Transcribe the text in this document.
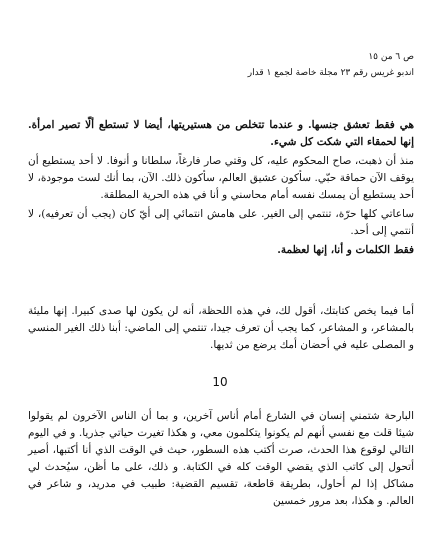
ص ٦ من ١٥
اندبو غريس رقم ٢٣ مجلة خاصة لجمع ١ قدار

هي فقط تعشق جنسها. و عندما تتخلص من هستيريتها، أيضا لا تستطع ألّا تصير امرأة. إنها لحمقاء التي شكت كل شيء.

منذ أن ذهبت، صاح المحكوم عليه، كل وقتي صار فارغاً، سلطانا و أنوفا. لا أحد يستطيع أن يوقف الآن حماقة حبّي. سأكون عشيق العالم، سأكون ذلك. الآن، بما أنك لست موجودة، لا أحد يستطيع أن يمسك نفسه أمام محاسني و أنا في هذه الحرية المطلقة.

ساعاتي كلها حرّة، تنتمي إلى الغير. على هامش انتمائي إلى أيّ كان (يجب أن تعرفيه)، لا أنتمي إلى أحد.

فقط الكلمات و أنا، إنها لعظمة.

أما فيما يخص كتابتك، أقول لك، في هذه اللحظة، أنه لن يكون لها صدى كبيرا. إنها مليئة بالمشاعر، و المشاعر، كما يجب أن تعرف جيدا، تنتمي إلى الماضي: أبنا ذلك الغير المنسي و المصلى عليه في أحضان أمك يرضع من ثديها.

10

البارحة شتمني إنسان في الشارع أمام أناس آخرين، و بما أن الناس الآخرون لم يقولوا شيئا قلت مع نفسي أنهم لم يكونوا يتكلمون معي، و هكذا تغيرت حياتي جذريا. و في اليوم التالي لوقوع هذا الحدث، صرت أكتب هذه السطور، حيث في الوقت الذي أنا أكتبها، أصير أتحول إلى كاتب الذي يقضي الوقت كله في الكتابة. و ذلك، على ما أظن، سيُحدث لي مشاكل إذا لم أحاول، بطريقة قاطعة، تقسيم القضية: طبيب في مدريد، و شاعر في العالم. و هكذا، بعد مرور خمسين
